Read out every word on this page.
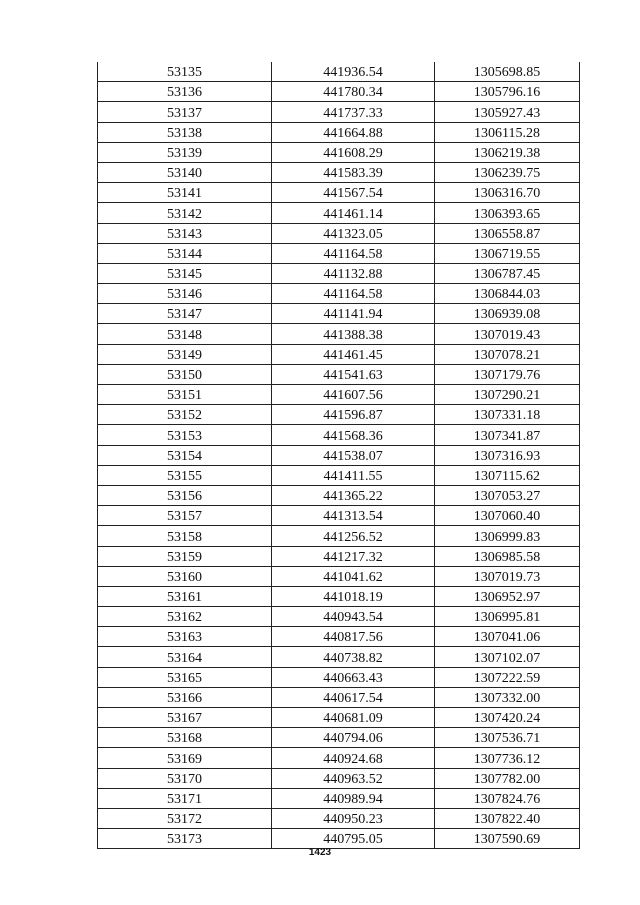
53135	441936.54	1305698.85
53136	441780.34	1305796.16
53137	441737.33	1305927.43
53138	441664.88	1306115.28
53139	441608.29	1306219.38
53140	441583.39	1306239.75
53141	441567.54	1306316.70
53142	441461.14	1306393.65
53143	441323.05	1306558.87
53144	441164.58	1306719.55
53145	441132.88	1306787.45
53146	441164.58	1306844.03
53147	441141.94	1306939.08
53148	441388.38	1307019.43
53149	441461.45	1307078.21
53150	441541.63	1307179.76
53151	441607.56	1307290.21
53152	441596.87	1307331.18
53153	441568.36	1307341.87
53154	441538.07	1307316.93
53155	441411.55	1307115.62
53156	441365.22	1307053.27
53157	441313.54	1307060.40
53158	441256.52	1306999.83
53159	441217.32	1306985.58
53160	441041.62	1307019.73
53161	441018.19	1306952.97
53162	440943.54	1306995.81
53163	440817.56	1307041.06
53164	440738.82	1307102.07
53165	440663.43	1307222.59
53166	440617.54	1307332.00
53167	440681.09	1307420.24
53168	440794.06	1307536.71
53169	440924.68	1307736.12
53170	440963.52	1307782.00
53171	440989.94	1307824.76
53172	440950.23	1307822.40
53173	440795.05	1307590.69
1423
